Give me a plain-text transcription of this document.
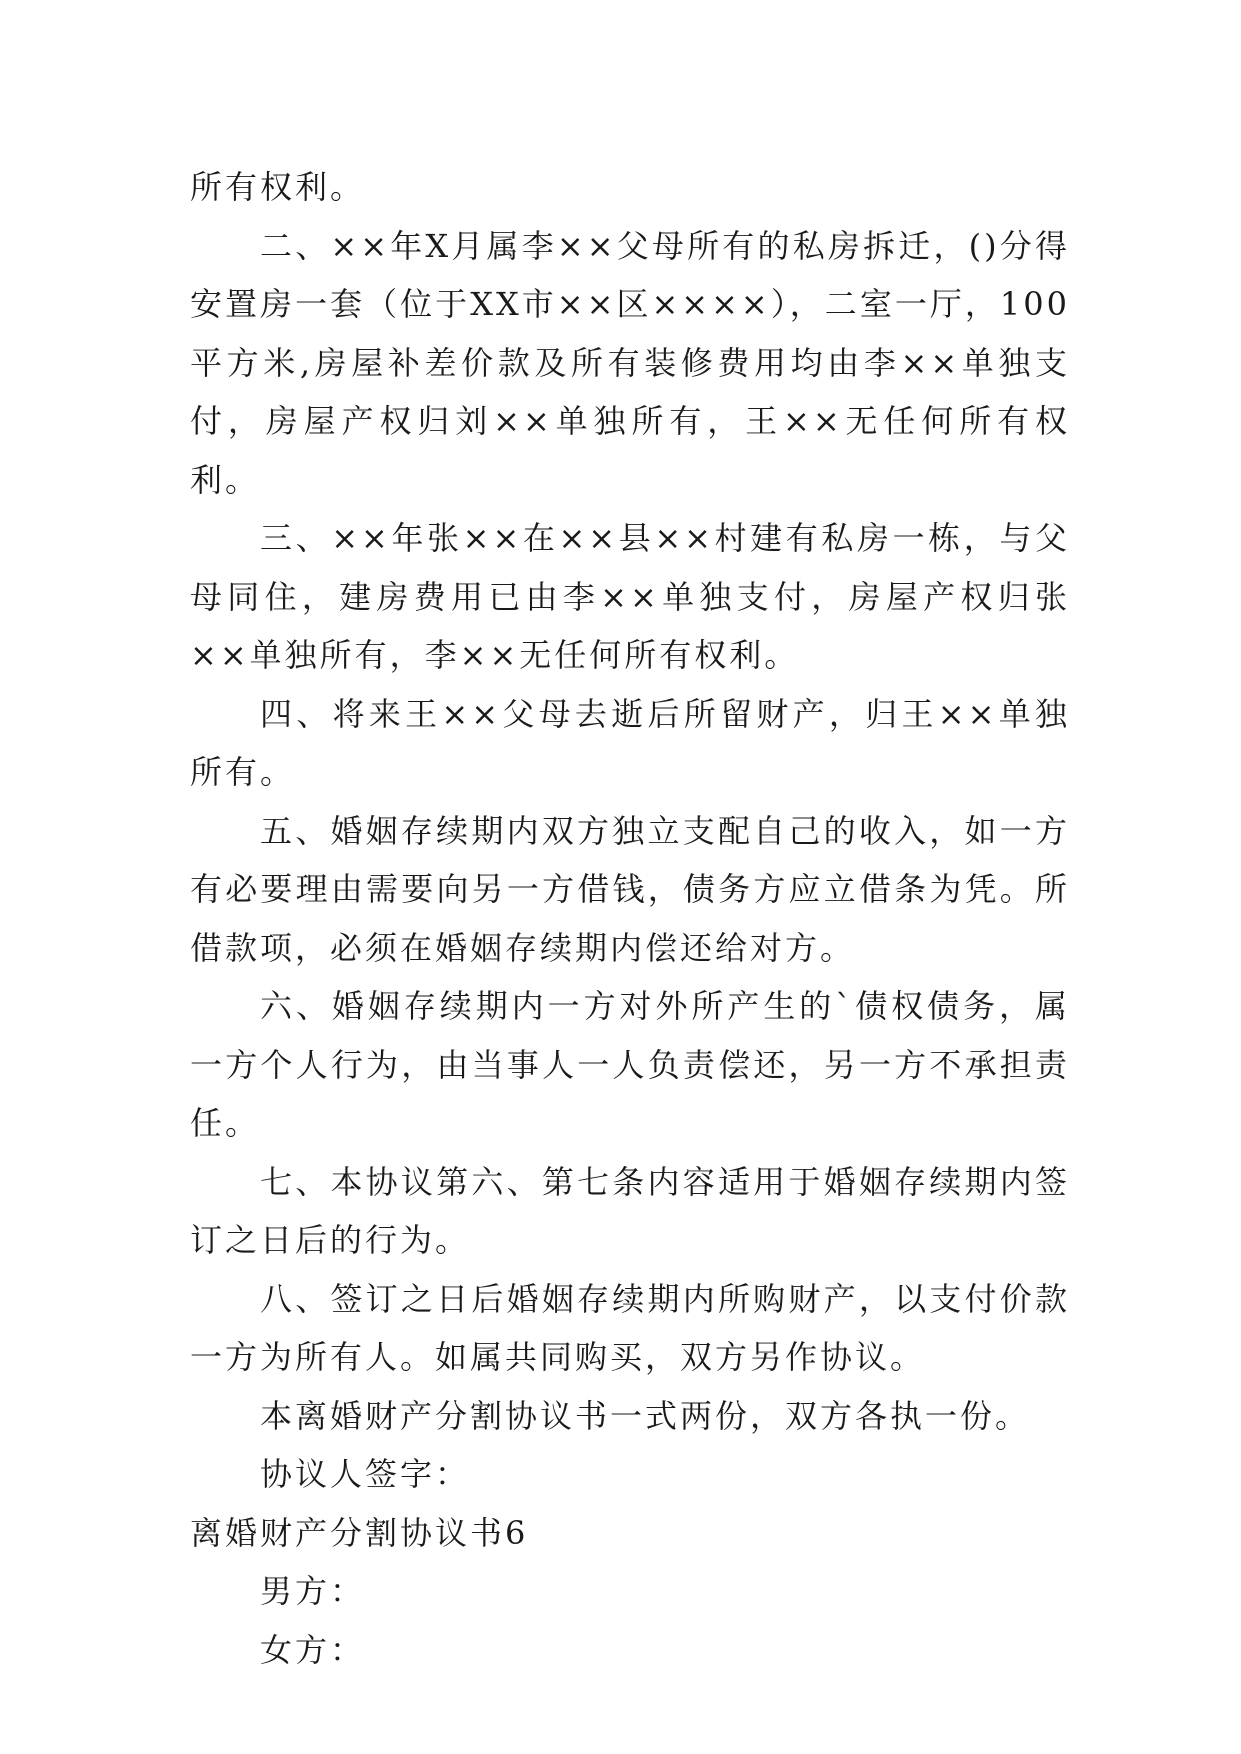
所有权利。

二、××年X月属李××父母所有的私房拆迁，()分得安置房一套（位于XX市××区××××），二室一厅，100平方米,房屋补差价款及所有装修费用均由李××单独支付，房屋产权归刘××单独所有，王××无任何所有权利。

三、××年张××在××县××村建有私房一栋，与父母同住，建房费用已由李××单独支付，房屋产权归张××单独所有，李××无任何所有权利。

四、将来王××父母去逝后所留财产，归王××单独所有。

五、婚姻存续期内双方独立支配自己的收入，如一方有必要理由需要向另一方借钱，债务方应立借条为凭。所借款项，必须在婚姻存续期内偿还给对方。

六、婚姻存续期内一方对外所产生的`债权债务，属一方个人行为，由当事人一人负责偿还，另一方不承担责任。

七、本协议第六、第七条内容适用于婚姻存续期内签订之日后的行为。

八、签订之日后婚姻存续期内所购财产，以支付价款一方为所有人。如属共同购买，双方另作协议。

本离婚财产分割协议书一式两份，双方各执一份。

协议人签字：

离婚财产分割协议书6

男方：

女方：
